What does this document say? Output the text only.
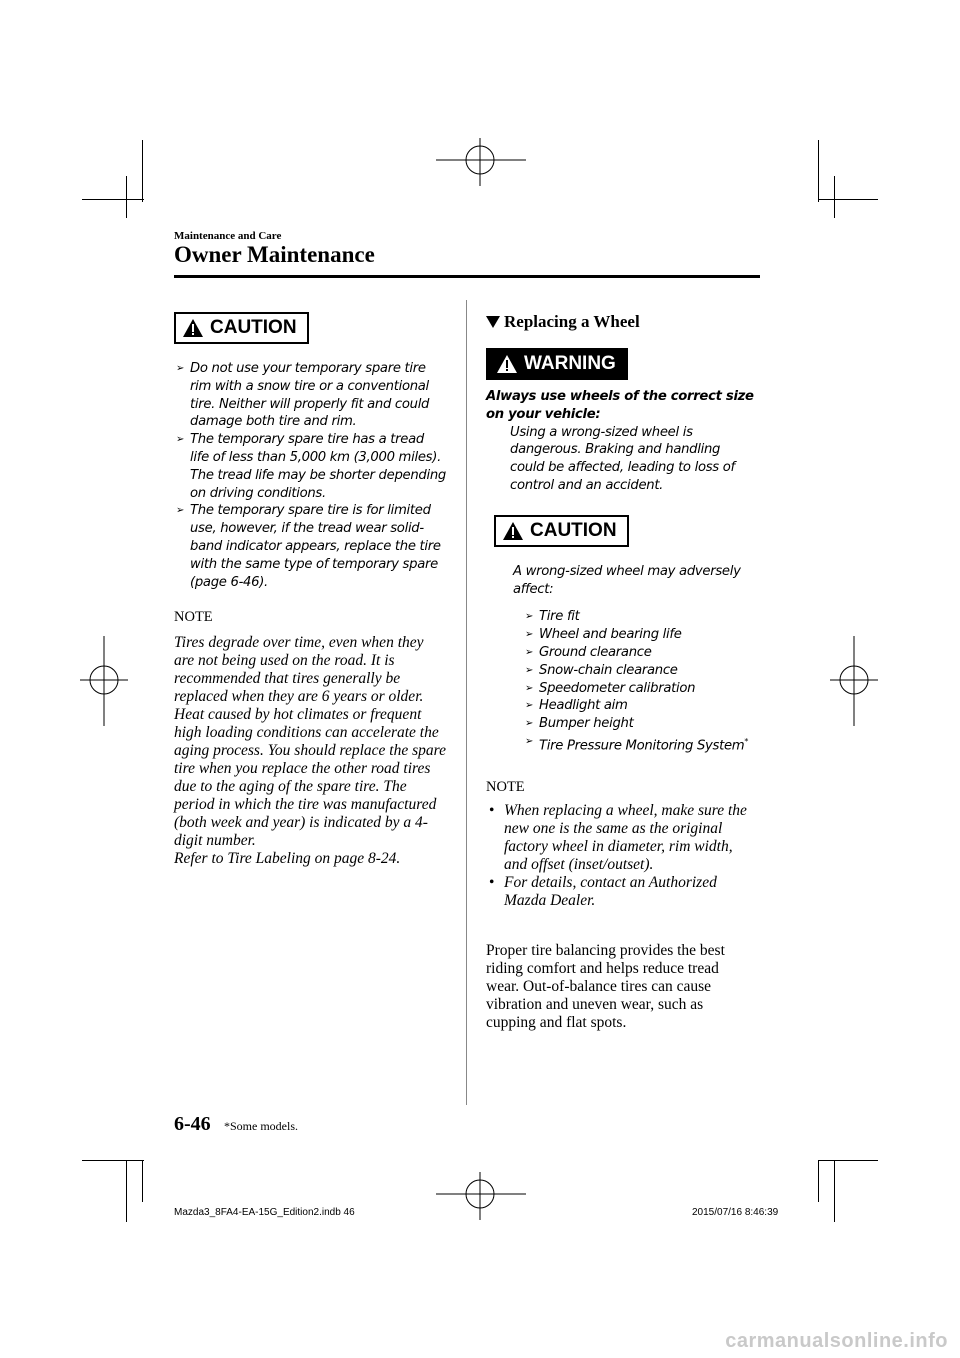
Maintenance and Care
Owner Maintenance
CAUTION
➢ Do not use your temporary spare tire rim with a snow tire or a conventional tire. Neither will properly fit and could damage both tire and rim.
➢ The temporary spare tire has a tread life of less than 5,000 km (3,000 miles). The tread life may be shorter depending on driving conditions.
➢ The temporary spare tire is for limited use, however, if the tread wear solid-band indicator appears, replace the tire with the same type of temporary spare (page 6-46).
NOTE
Tires degrade over time, even when they are not being used on the road. It is recommended that tires generally be replaced when they are 6 years or older. Heat caused by hot climates or frequent high loading conditions can accelerate the aging process. You should replace the spare tire when you replace the other road tires due to the aging of the spare tire. The period in which the tire was manufactured (both week and year) is indicated by a 4-digit number.
Refer to Tire Labeling on page 8-24.
Replacing a Wheel
WARNING
Always use wheels of the correct size on your vehicle:
Using a wrong-sized wheel is dangerous. Braking and handling could be affected, leading to loss of control and an accident.
CAUTION
A wrong-sized wheel may adversely affect:
➢ Tire fit
➢ Wheel and bearing life
➢ Ground clearance
➢ Snow-chain clearance
➢ Speedometer calibration
➢ Headlight aim
➢ Bumper height
➢ Tire Pressure Monitoring System*
NOTE
• When replacing a wheel, make sure the new one is the same as the original factory wheel in diameter, rim width, and offset (inset/outset).
• For details, contact an Authorized Mazda Dealer.
Proper tire balancing provides the best riding comfort and helps reduce tread wear. Out-of-balance tires can cause vibration and uneven wear, such as cupping and flat spots.
6-46 *Some models.
Mazda3_8FA4-EA-15G_Edition2.indb 46	2015/07/16 8:46:39
carmanualsonline.info
